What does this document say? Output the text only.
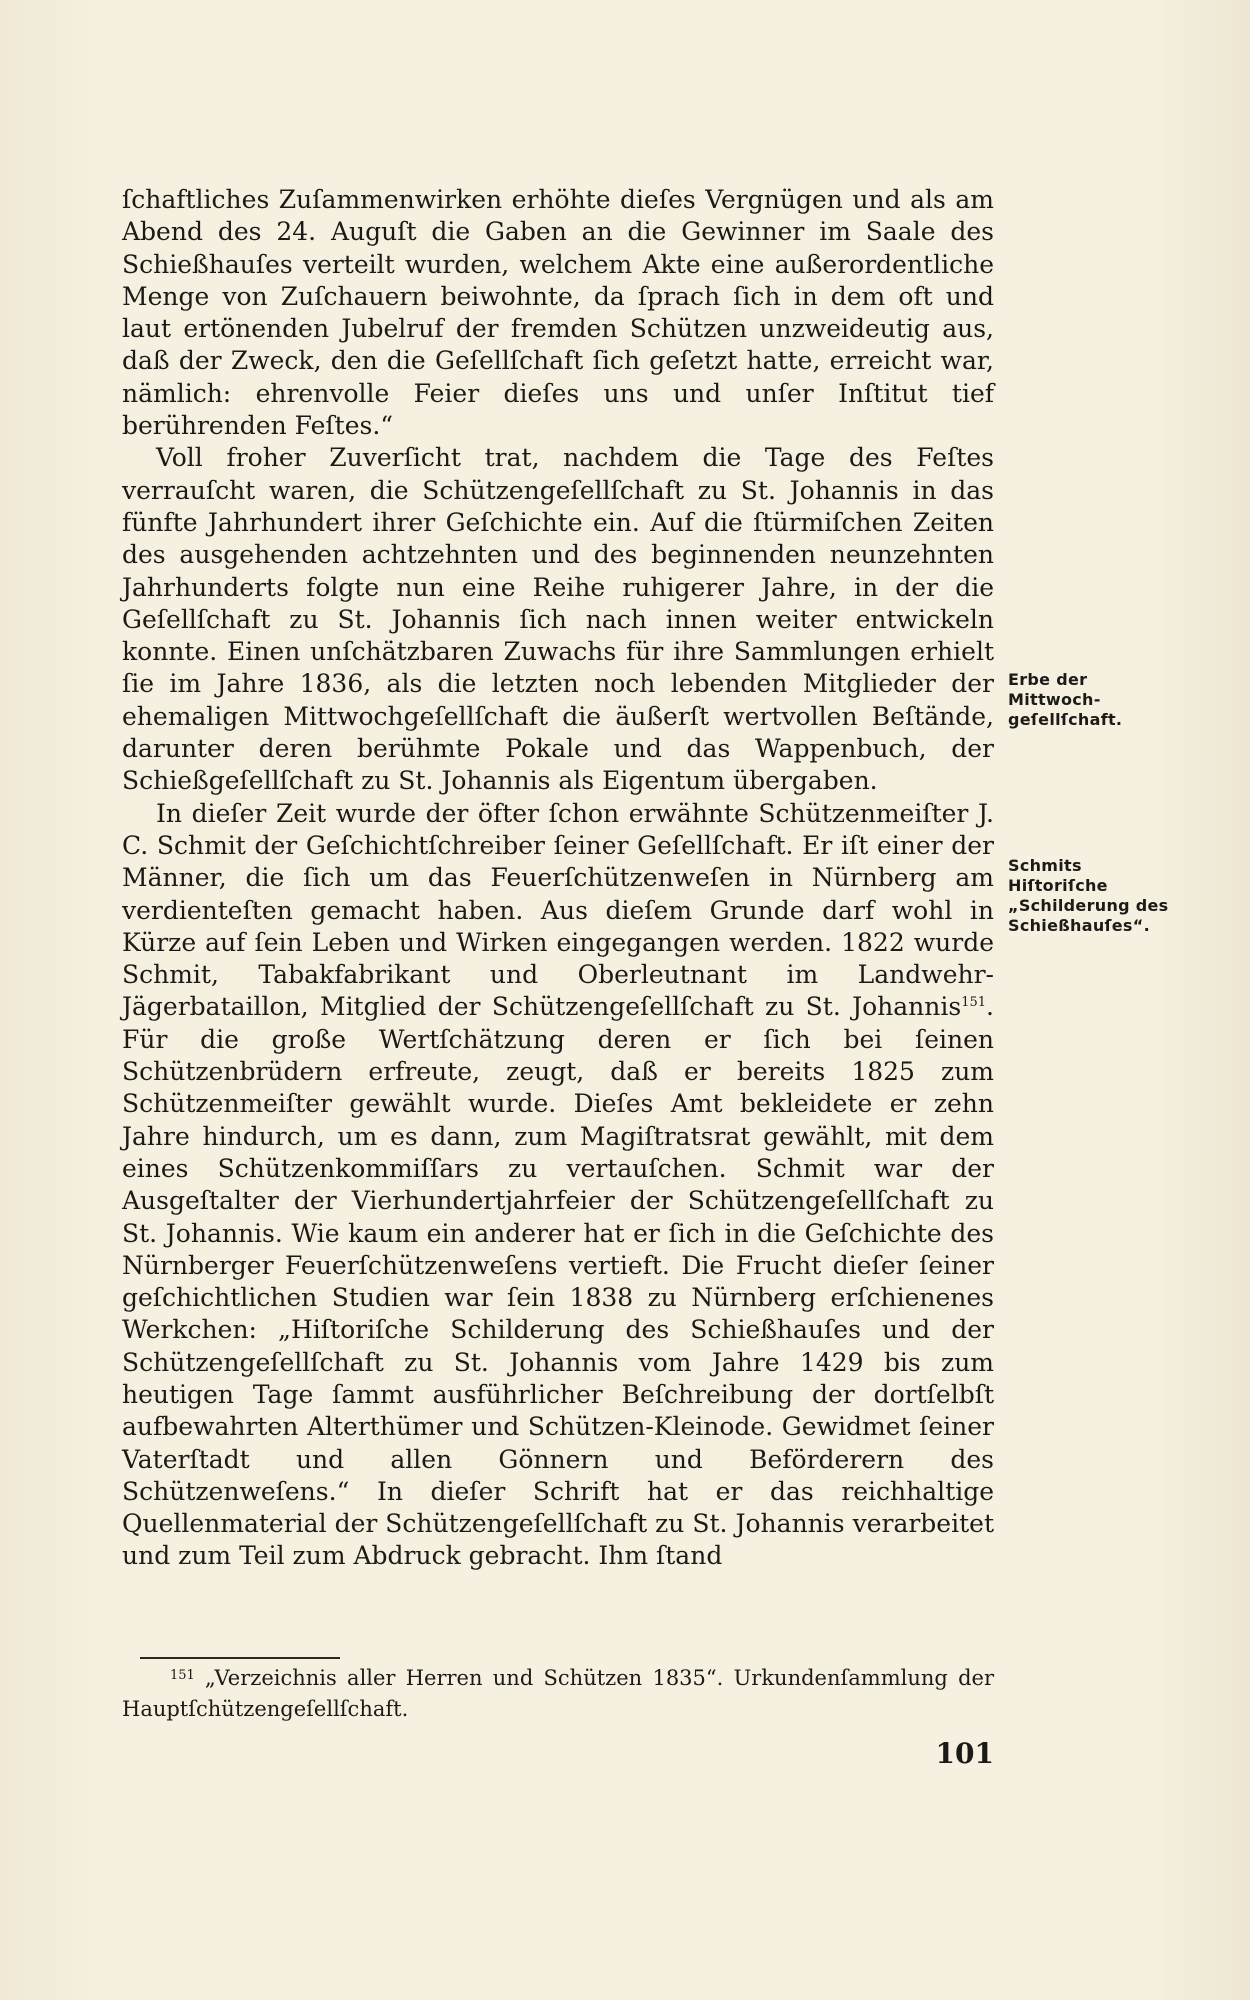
ſchaftliches Zuſammenwirken erhöhte dieſes Vergnügen und als am Abend des 24. Auguſt die Gaben an die Gewinner im Saale des Schießhauſes verteilt wurden, welchem Akte eine außerordentliche Menge von Zuſchauern beiwohnte, da ſprach ſich in dem oft und laut ertönenden Jubelruf der fremden Schützen unzweideutig aus, daß der Zweck, den die Geſellſchaft ſich geſetzt hatte, erreicht war, nämlich: ehrenvolle Feier dieſes uns und unſer Inſtitut tief berührenden Feſtes.“

Voll froher Zuverſicht trat, nachdem die Tage des Feſtes verrauſcht waren, die Schützengeſellſchaft zu St. Johannis in das fünfte Jahrhundert ihrer Geſchichte ein. Auf die ſtürmiſchen Zeiten des ausgehenden achtzehnten und des beginnenden neunzehnten Jahrhunderts folgte nun eine Reihe ruhigerer Jahre, in der die Geſellſchaft zu St. Johannis ſich nach innen weiter entwickeln konnte. Einen unſchätzbaren Zuwachs für ihre Sammlungen erhielt ſie im Jahre 1836, als die letzten noch lebenden Mitglieder der ehemaligen Mittwochgeſellſchaft die äußerſt wertvollen Beſtände, darunter deren berühmte Pokale und das Wappenbuch, der Schießgeſellſchaft zu St. Johannis als Eigentum übergaben.

In dieſer Zeit wurde der öfter ſchon erwähnte Schützenmeiſter J. C. Schmit der Geſchichtſchreiber ſeiner Geſellſchaft. Er iſt einer der Männer, die ſich um das Feuerſchützenweſen in Nürnberg am verdienteſten gemacht haben. Aus dieſem Grunde darf wohl in Kürze auf ſein Leben und Wirken eingegangen werden. 1822 wurde Schmit, Tabakfabrikant und Oberleutnant im Landwehr-Jägerbataillon, Mitglied der Schützengeſellſchaft zu St. Johannis$^{151}$. Für die große Wertſchätzung deren er ſich bei ſeinen Schützenbrüdern erfreute, zeugt, daß er bereits 1825 zum Schützenmeiſter gewählt wurde. Dieſes Amt bekleidete er zehn Jahre hindurch, um es dann, zum Magiſtratsrat gewählt, mit dem eines Schützenkommiſſars zu vertauſchen. Schmit war der Ausgeſtalter der Vierhundertjahrfeier der Schützengeſellſchaft zu St. Johannis. Wie kaum ein anderer hat er ſich in die Geſchichte des Nürnberger Feuerſchützenweſens vertieft. Die Frucht dieſer ſeiner geſchichtlichen Studien war ſein 1838 zu Nürnberg erſchienenes Werkchen: „Hiſtoriſche Schilderung des Schießhauſes und der Schützengeſellſchaft zu St. Johannis vom Jahre 1429 bis zum heutigen Tage ſammt ausführlicher Beſchreibung der dortſelbſt aufbewahrten Alterthümer und Schützen-Kleinode. Gewidmet ſeiner Vaterſtadt und allen Gönnern und Beförderern des Schützenweſens.“ In dieſer Schrift hat er das reichhaltige Quellenmaterial der Schützengeſellſchaft zu St. Johannis verarbeitet und zum Teil zum Abdruck gebracht. Ihm ſtand

Erbe der
Mittwoch-
geſellſchaft.
Schmits
Hiſtoriſche
„Schilderung des
Schießhauſes“.
$^{151}$ „Verzeichnis aller Herren und Schützen 1835“. Urkundenſammlung der Hauptſchützengeſellſchaft.
101
